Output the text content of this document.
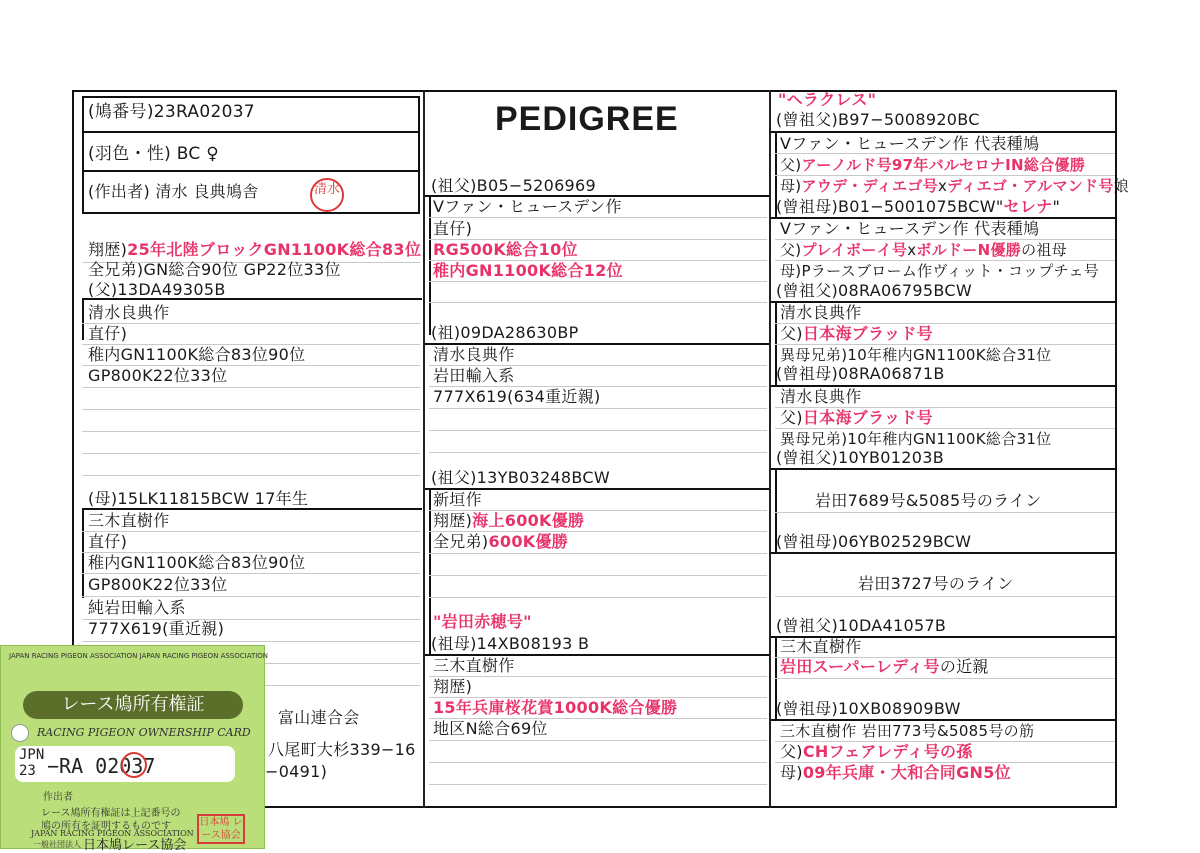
(鳩番号)23RA02037
(羽色・性) BC ♀
(作出者) 清水 良典鳩舎	清水
PEDIGREE
翔歴)25年北陸ブロックGN1100K総合83位
全兄弟)GN総合90位 GP22位33位
(父)13DA49305B
清水良典作
直仔)
稚内GN1100K総合83位90位
GP800K22位33位
(母)15LK11815BCW 17年生
三木直樹作
直仔)
稚内GN1100K総合83位90位
GP800K22位33位
純岩田輸入系
777X619(重近親)
富山連合会
八尾町大杉339−16
−0491)
(祖父)B05−5206969
Vファン・ヒュースデン作
直仔)
RG500K総合10位
稚内GN1100K総合12位
(祖)09DA28630BP
清水良典作
岩田輸入系
777X619(634重近親)
(祖父)13YB03248BCW
新垣作
翔歴)海上600K優勝
全兄弟)600K優勝
"岩田赤穂号"
(祖母)14XB08193 B
三木直樹作
翔歴)
15年兵庫桜花賞1000K総合優勝
地区N総合69位
"ヘラクレス"
(曾祖父)B97−5008920BC
Vファン・ヒュースデン作 代表種鳩
父)アーノルド号97年バルセロナIN総合優勝
母)アウデ・ディエゴ号xディエゴ・アルマンド号娘
(曾祖母)B01−5001075BCW"セレナ"
Vファン・ヒュースデン作 代表種鳩
父)プレイボーイ号xボルドーN優勝の祖母
母)Pラースブローム作ヴィット・コップチェ号
(曾祖父)08RA06795BCW
清水良典作
父)日本海ブラッド号
異母兄弟)10年稚内GN1100K総合31位
(曾祖母)08RA06871B
清水良典作
父)日本海ブラッド号
異母兄弟)10年稚内GN1100K総合31位
(曾祖父)10YB01203B
岩田7689号&5085号のライン
(曾祖母)06YB02529BCW
岩田3727号のライン
(曾祖父)10DA41057B
三木直樹作
岩田スーパーレディ号の近親
(曾祖母)10XB08909BW
三木直樹作 岩田773号&5085号の筋
父)CHフェアレディ号の孫
母)09年兵庫・大和合同GN5位
JAPAN RACING PIGEON ASSOCIATION JAPAN RACING PIGEON ASSOCIATION
レース鳩所有権証
RACING PIGEON OWNERSHIP CARD
JPN
23 −RA 02037
作出者
レース鳩所有権証は上記番号の
鳩の所有を証明するものです
JAPAN RACING PIGEON ASSOCIATION
一般社団法人 日本鳩レース協会
日本鳩 レース協会
